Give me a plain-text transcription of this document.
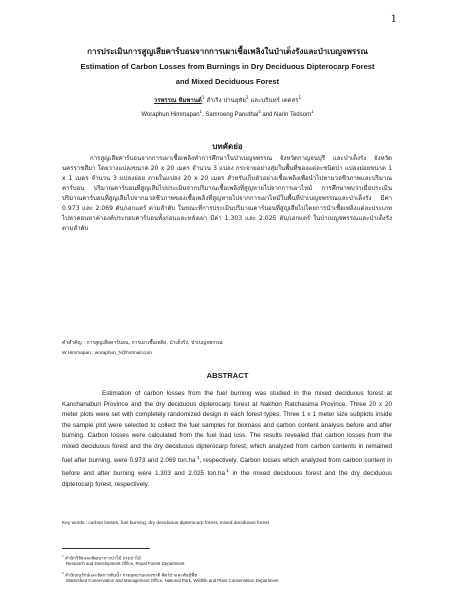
1
การประเมินการสูญเสียคาร์บอนจากการเผาเชื้อเพลิงในป่าเต็งรังและป่าเบญจพรรณ
Estimation of Carbon Losses from Burnings in Dry Deciduous Dipterocarp Forest
and Mixed Deciduous Forest
วรพรรณ หิมพานต์$^1$ สำเริง ปานอุทัย$^2$ และนรินทร์ เตดสร$^1$
Woraphun Himmapan$^1$, Samroeng Panuthai$^2$ and Narin Tedsorn$^1$
บทคัดย่อ

การสูญเสียคาร์บอนจากการเผาเชื้อเพลิงทำการศึกษาในป่าเบญจพรรณ จังหวัดกาญจนบุรี และป่าเต็งรัง จังหวัดนครราชสีมา โดยวางแปลงขนาด 20 x 20 เมตร จำนวน 3 แปลง กระจายอย่างสุ่มในพื้นที่ของแต่ละชนิดป่า แปลงย่อยขนาด 1 x 1 เมตร จำนวน 3 แปลงย่อย ภายในแปลง 20 x 20 เมตร สำหรับเก็บตัวอย่างเชื้อเพลิงเพื่อนำไปหามวลชีวภาพและปริมาณคาร์บอน ปริมาณคาร์บอนที่สูญเสียไปประเมินจากปริมาณเชื้อเพลิงที่สูญหายไปจากการเผาไหม้ การศึกษาพบว่าเมื่อประเมินปริมาณคาร์บอนที่สูญเสียไปจากมวลชีวภาพของเชื้อเพลิงที่สูญหายไปจากการเผาไหม้ในพื้นที่ป่าเบญจพรรณและป่าเต็งรัง มีค่า 0.973 และ 2.069 ตัน/เฮกแตร์ ตามลำดับ ในขณะที่การประเมินปริมาณคาร์บอนที่สูญเสียไปโดยการนำเชื้อเพลิงแต่ละประเภทไปหาคอนหาค่าองค์ประกอบคาร์บอนทั้งก่อนและหลังเผา มีค่า 1.303 และ 2.025 ตัน/เฮกแตร์ ในป่าเบญจพรรณและป่าเต็งรัง ตามลำดับ

คำสำคัญ : การสูญเสียคาร์บอน, การเผาเชื้อเพลิง, ป่าเต็งรัง, ป่าเบญจพรรณ
W.Himmapan : woraphun_h@hotmail.com
ABSTRACT

Estimation of carbon losses from the fuel burning was studied in the mixed deciduous forest at Kanchanaburi Province and the dry deciduous dipterocarp forest at Nakhon Ratchasima Province. Three 20 x 20 meter plots were set with completely randomized design in each forest types. Three 1 x 1 meter size subplots inside the sample plot were selected to collect the fuel samples for biomass and carbon content analysis before and after burning. Carbon losses were calculated from the fuel load loss. The results revealed that carbon losses from the mixed deciduous forest and the dry deciduous dipterocarp forest, which analyzed from carbon contents in remained fuel after burning, were 0.973 and 2.069 $ton.ha^{-1}$, respectively. Carbon losses which analyzed from carbon content in before and after burning were 1.303 and 2.025 $ton.ha^{-1}$ in the mixed deciduous forest and the dry deciduous dipterocarp forest, respectively.

Key words : carbon losses, fuel burning, dry deciduous dipterocarp forest, mixed deciduous forest
$^1$ สำนักวิจัยและพัฒนาการป่าไม้ กรมป่าไม้
Research and Development Office, Royal Forest Department
$^2$ สำนักอนุรักษ์และจัดการต้นน้ำ กรมอุทยานแห่งชาติ สัตว์ป่าและพันธุ์พืช
Watershed Conservation and Management Office, National Park, Wildlife and Plant Conservation Department
